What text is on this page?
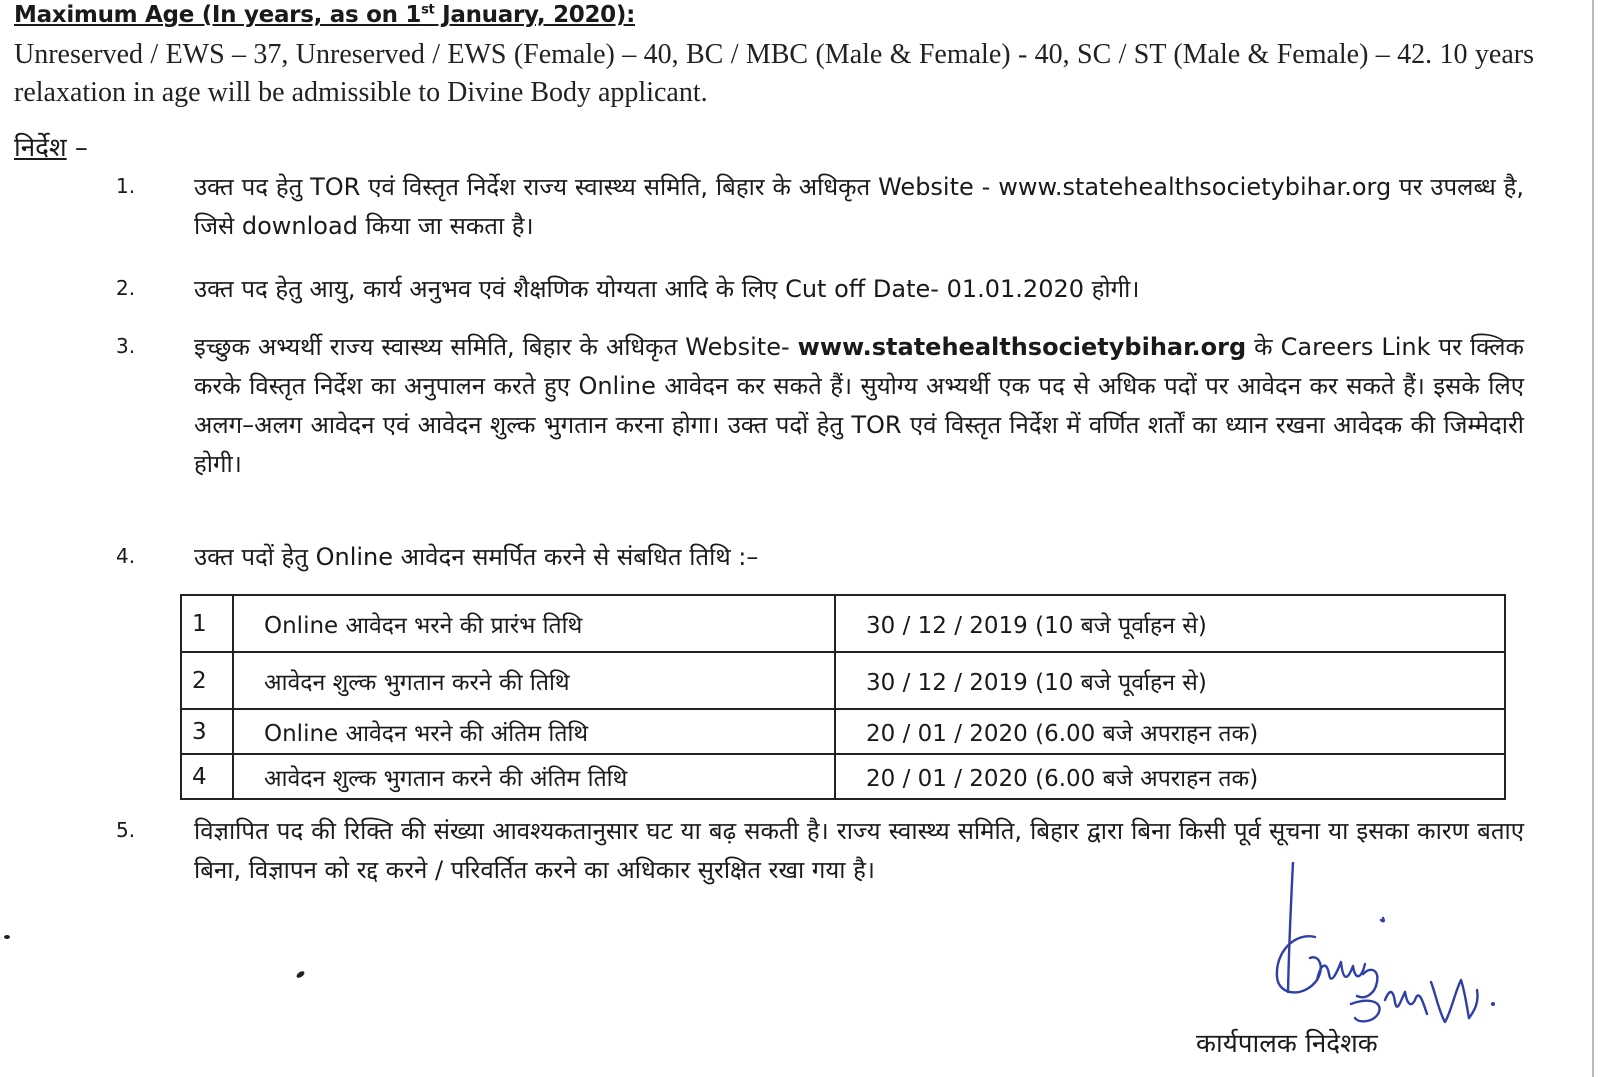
Maximum Age (In years, as on 1st January, 2020):
Unreserved / EWS – 37, Unreserved / EWS (Female) – 40, BC / MBC (Male & Female) - 40, SC / ST (Male & Female) – 42. 10 years relaxation in age will be admissible to Divine Body applicant.
निर्देश –
1. उक्त पद हेतु TOR एवं विस्तृत निर्देश राज्य स्वास्थ्य समिति, बिहार के अधिकृत Website - www.statehealthsocietybihar.org पर उपलब्ध है, जिसे download किया जा सकता है।
2. उक्त पद हेतु आयु, कार्य अनुभव एवं शैक्षणिक योग्यता आदि के लिए Cut off Date- 01.01.2020 होगी।
3. इच्छुक अभ्यर्थी राज्य स्वास्थ्य समिति, बिहार के अधिकृत Website- www.statehealthsocietybihar.org के Careers Link पर क्लिक करके विस्तृत निर्देश का अनुपालन करते हुए Online आवेदन कर सकते हैं। सुयोग्य अभ्यर्थी एक पद से अधिक पदों पर आवेदन कर सकते हैं। इसके लिए अलग–अलग आवेदन एवं आवेदन शुल्क भुगतान करना होगा। उक्त पदों हेतु TOR एवं विस्तृत निर्देश में वर्णित शर्तों का ध्यान रखना आवेदक की जिम्मेदारी होगी।
4. उक्त पदों हेतु Online आवेदन समर्पित करने से संबधित तिथि :–
1	Online आवेदन भरने की प्रारंभ तिथि	30 / 12 / 2019 (10 बजे पूर्वाहन से)
2	आवेदन शुल्क भुगतान करने की तिथि	30 / 12 / 2019 (10 बजे पूर्वाहन से)
3	Online आवेदन भरने की अंतिम तिथि	20 / 01 / 2020 (6.00 बजे अपराहन तक)
4	आवेदन शुल्क भुगतान करने की अंतिम तिथि	20 / 01 / 2020 (6.00 बजे अपराहन तक)
5. विज्ञापित पद की रिक्ति की संख्या आवश्यकतानुसार घट या बढ़ सकती है। राज्य स्वास्थ्य समिति, बिहार द्वारा बिना किसी पूर्व सूचना या इसका कारण बताए बिना, विज्ञापन को रद्द करने / परिवर्तित करने का अधिकार सुरक्षित रखा गया है।
कार्यपालक निदेशक
